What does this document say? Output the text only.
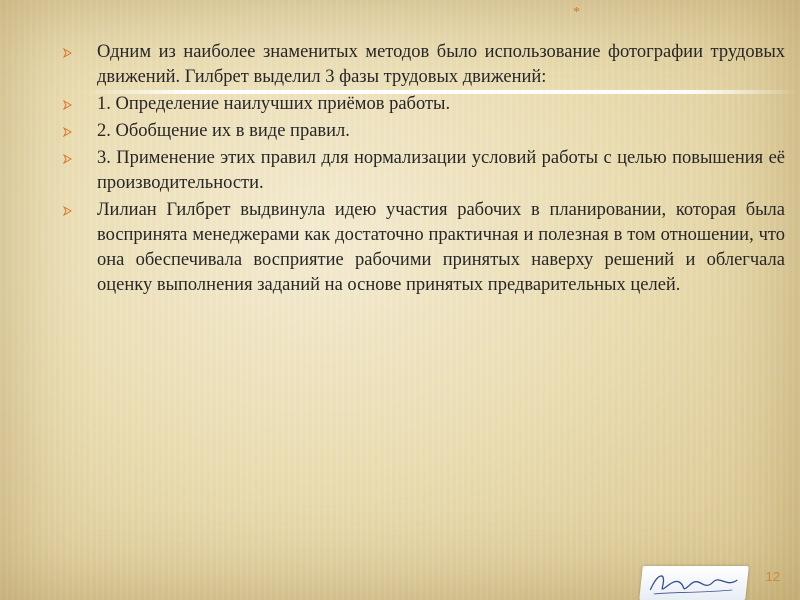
*

Одним из наиболее знаменитых методов было использование фотографии трудовых движений. Гилбрет выделил 3 фазы трудовых движений:

1. Определение наилучших приёмов работы.

2. Обобщение их в виде правил.

3. Применение этих правил для нормализации условий работы с целью повышения её производительности.

Лилиан Гилбрет выдвинула идею участия рабочих в планировании, которая была воспринята менеджерами как достаточно практичная и полезная в том отношении, что она обеспечивала восприятие рабочими принятых наверху решений и облегчала оценку выполнения заданий на основе принятых предварительных целей.

12
